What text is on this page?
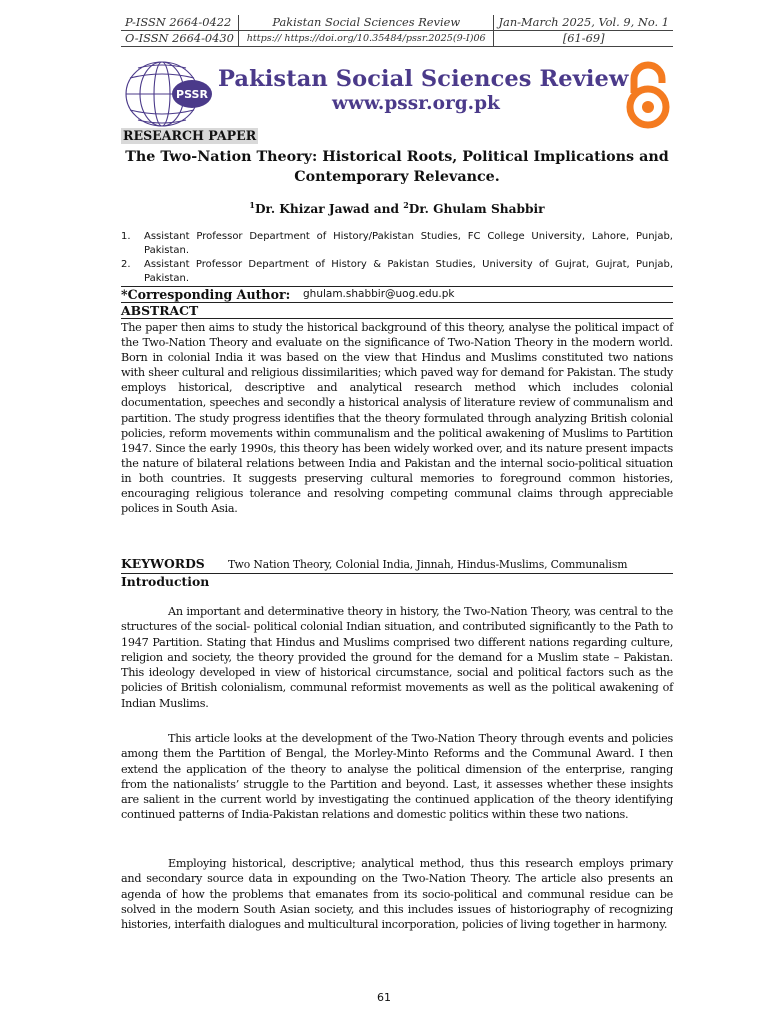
P-ISSN 2664-0422	Pakistan Social Sciences Review	Jan-March 2025, Vol. 9, No. 1
O-ISSN 2664-0430	https:// https://doi.org/10.35484/pssr.2025(9-I)06	[61-69]
PSSR
Pakistan Social Sciences Review
www.pssr.org.pk
RESEARCH PAPER
The Two-Nation Theory: Historical Roots, Political Implications and Contemporary Relevance.
$^1$Dr. Khizar Jawad and $^2$Dr. Ghulam Shabbir
1. Assistant Professor Department of History/Pakistan Studies, FC College University, Lahore, Punjab, Pakistan.
2. Assistant Professor Department of History & Pakistan Studies, University of Gujrat, Gujrat, Punjab, Pakistan.
*Corresponding Author: ghulam.shabbir@uog.edu.pk
ABSTRACT
The paper then aims to study the historical background of this theory, analyse the political impact of the Two-Nation Theory and evaluate on the significance of Two-Nation Theory in the modern world. Born in colonial India it was based on the view that Hindus and Muslims constituted two nations with sheer cultural and religious dissimilarities; which paved way for demand for Pakistan. The study employs historical, descriptive and analytical research method which includes colonial documentation, speeches and secondly a historical analysis of literature review of communalism and partition. The study progress identifies that the theory formulated through analyzing British colonial policies, reform movements within communalism and the political awakening of Muslims to Partition 1947. Since the early 1990s, this theory has been widely worked over, and its nature present impacts the nature of bilateral relations between India and Pakistan and the internal socio-political situation in both countries. It suggests preserving cultural memories to foreground common histories, encouraging religious tolerance and resolving competing communal claims through appreciable polices in South Asia.
KEYWORDS Two Nation Theory, Colonial India, Jinnah, Hindus-Muslims, Communalism
Introduction
An important and determinative theory in history, the Two-Nation Theory, was central to the structures of the social- political colonial Indian situation, and contributed significantly to the Path to 1947 Partition. Stating that Hindus and Muslims comprised two different nations regarding culture, religion and society, the theory provided the ground for the demand for a Muslim state – Pakistan. This ideology developed in view of historical circumstance, social and political factors such as the policies of British colonialism, communal reformist movements as well as the political awakening of Indian Muslims.
This article looks at the development of the Two-Nation Theory through events and policies among them the Partition of Bengal, the Morley-Minto Reforms and the Communal Award. I then extend the application of the theory to analyse the political dimension of the enterprise, ranging from the nationalists’ struggle to the Partition and beyond. Last, it assesses whether these insights are salient in the current world by investigating the continued application of the theory identifying continued patterns of India-Pakistan relations and domestic politics within these two nations.
Employing historical, descriptive; analytical method, thus this research employs primary and secondary source data in expounding on the Two-Nation Theory. The article also presents an agenda of how the problems that emanates from its socio-political and communal residue can be solved in the modern South Asian society, and this includes issues of historiography of recognizing histories, interfaith dialogues and multicultural incorporation, policies of living together in harmony.
61
